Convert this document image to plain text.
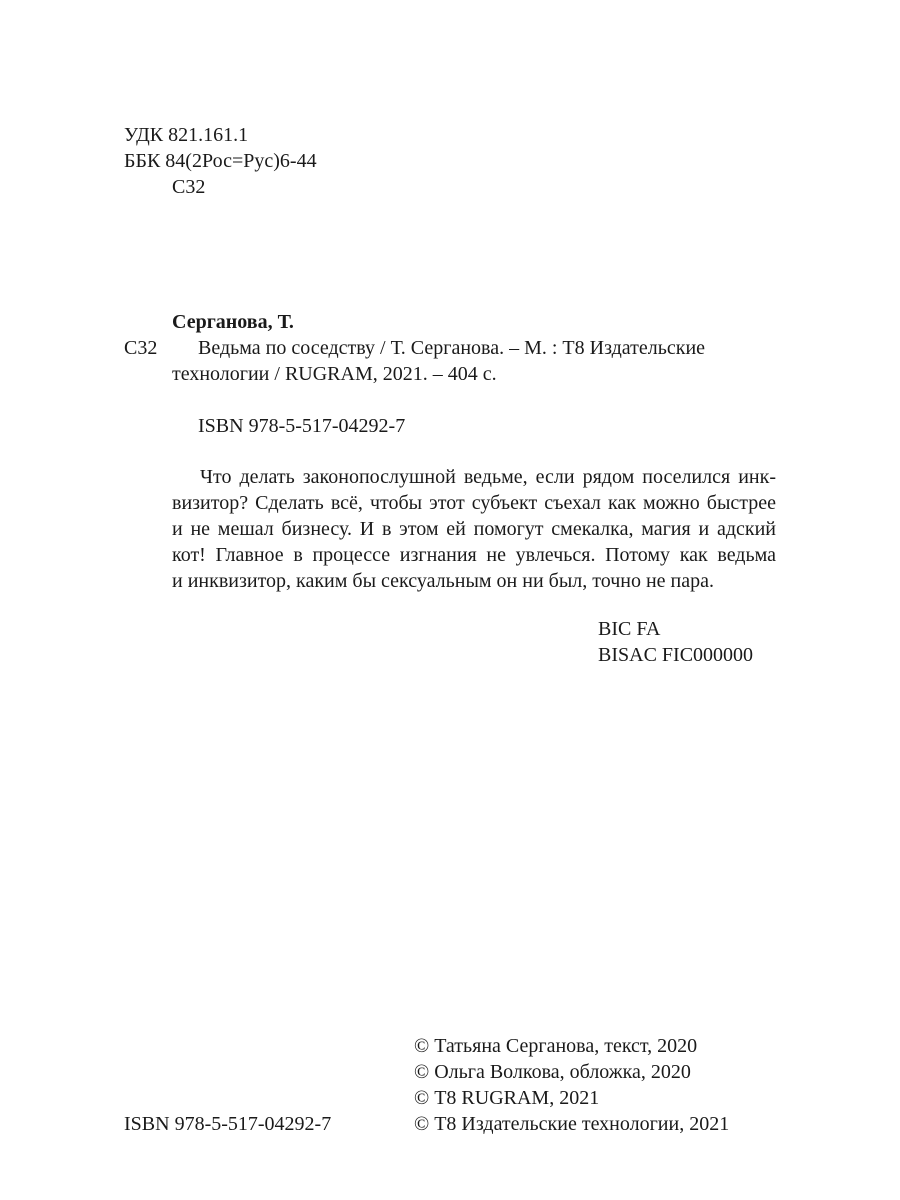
УДК 821.161.1
ББК 84(2Рос=Рус)6-44
С32
Серганова, Т.
С32 Ведьма по соседству / Т. Серганова. – М. : Т8 Издательские
технологии / RUGRAM, 2021. – 404 с.
ISBN 978-5-517-04292-7
Что делать законопослушной ведьме, если рядом поселился инк-
визитор? Сделать всё, чтобы этот субъект съехал как можно быстрее
и не мешал бизнесу. И в этом ей помогут смекалка, магия и адский
кот! Главное в процессе изгнания не увлечься. Потому как ведьма
и инквизитор, каким бы сексуальным он ни был, точно не пара.
BIC FA
BISAC FIC000000
© Татьяна Серганова, текст, 2020
© Ольга Волкова, обложка, 2020
© Т8 RUGRAM, 2021
© Т8 Издательские технологии, 2021
ISBN 978-5-517-04292-7
